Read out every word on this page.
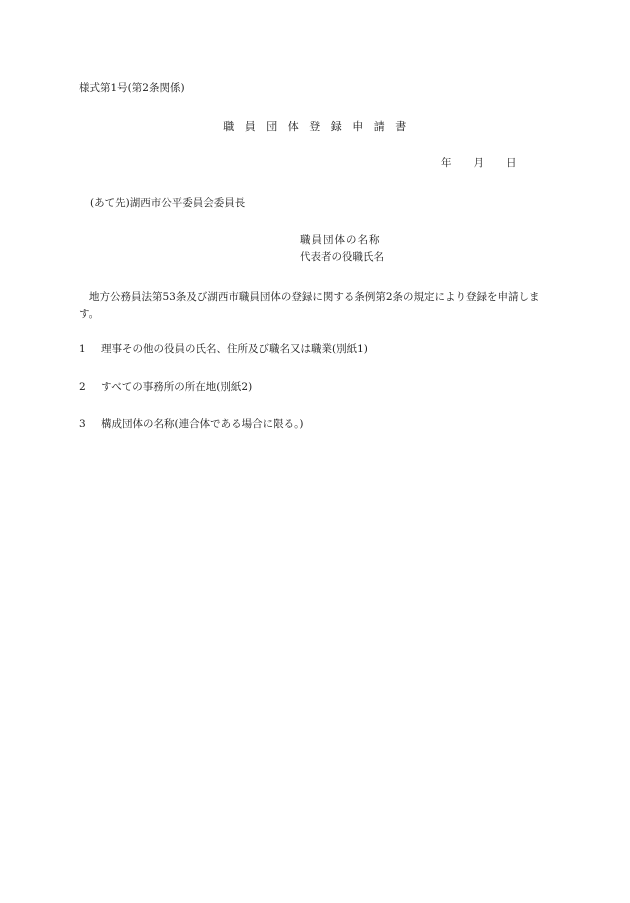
様式第1号(第2条関係)
職 員 団 体 登 録 申 請 書
年 月 日
(あて先)湖西市公平委員会委員長
職員団体の名称
代表者の役職氏名
地方公務員法第53条及び湖西市職員団体の登録に関する条例第2条の規定により登録を申請します。
1 理事その他の役員の氏名、住所及び職名又は職業(別紙1)
2 すべての事務所の所在地(別紙2)
3 構成団体の名称(連合体である場合に限る。)
